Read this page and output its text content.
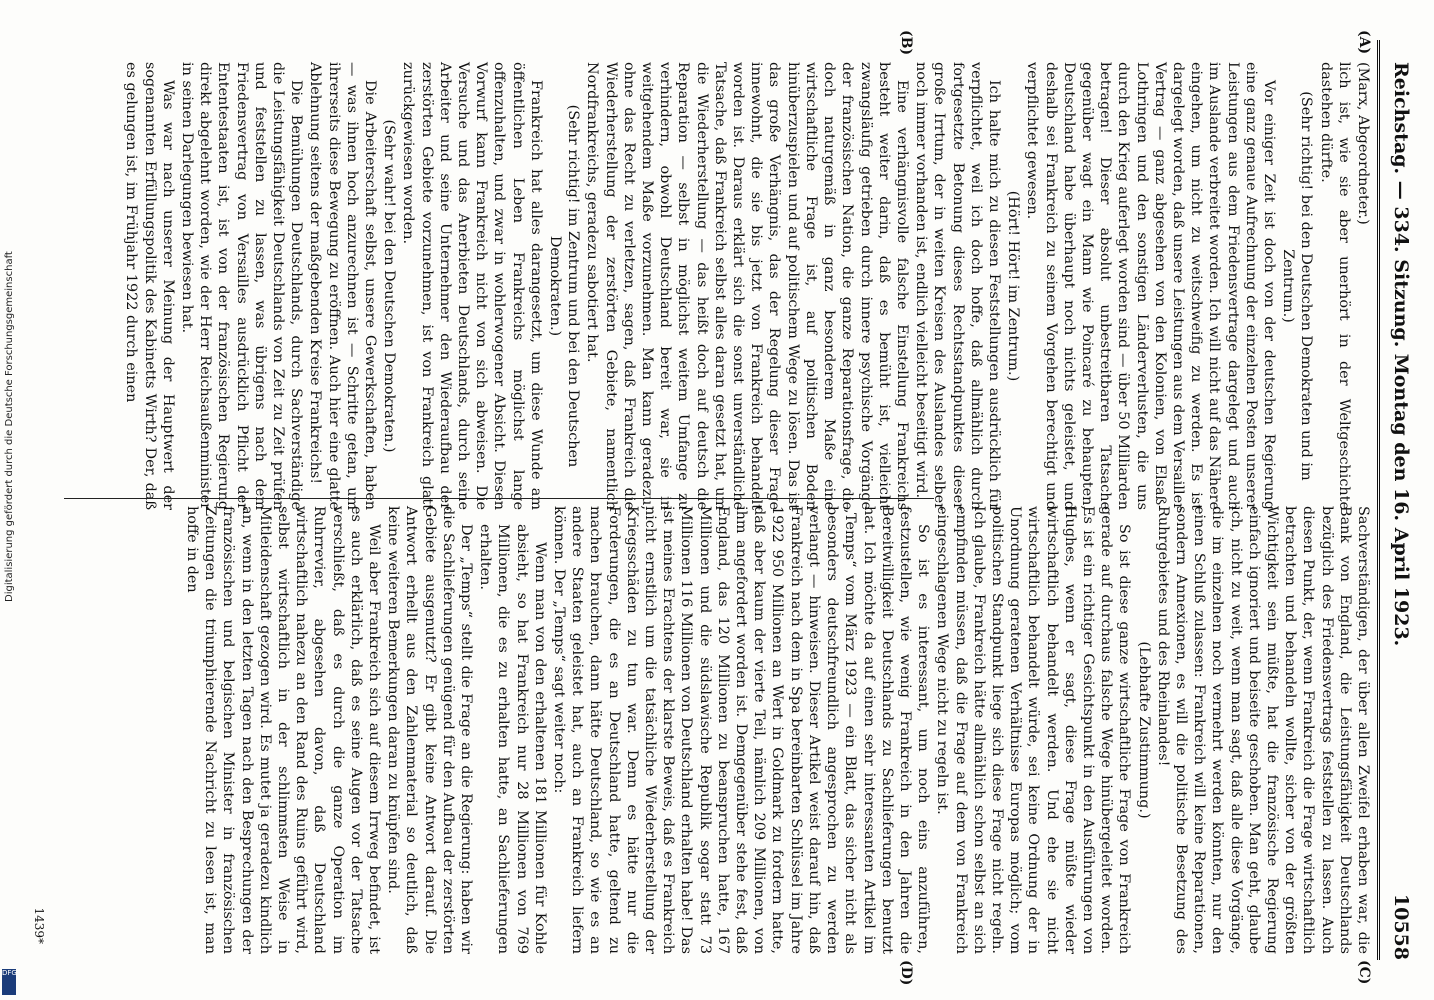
Reichstag. — 334. Sitzung.
Montag den 16. April 1923.
10558
(A)
(B)
(C)
(D)

(Marx, Abgeordneter.)

lich ist, wie sie aber unerhört in der Weltgeschichte dastehen dürfte.

(Sehr richtig! bei den Deutschen Demokraten und im Zentrum.)

Vor einiger Zeit ist doch von der deutschen Regierung eine ganz genaue Aufrechnung der einzelnen Posten unserer Leistungen aus dem Friedensvertrage dargelegt und auch im Auslande verbreitet worden. Ich will nicht auf das Nähere eingehen, um nicht zu weitschweifig zu werden. Es ist dargelegt worden, daß unsere Leistungen aus dem Versailler Vertrag — ganz abgesehen von den Kolonien, von Elsaß-Lothringen und den sonstigen Länderverlusten, die uns durch den Krieg auferlegt worden sind — über 50 Milliarden betragen! Dieser absolut unbestreitbaren Tatsache gegenüber wagt ein Mann wie Poincaré zu behaupten, Deutschland habe überhaupt noch nichts geleistet, und deshalb sei Frankreich zu seinem Vorgehen berechtigt und verpflichtet gewesen.

(Hört! Hört! im Zentrum.)

Ich halte mich zu diesen Feststellungen ausdrücklich für verpflichtet, weil ich doch hoffe, daß allmählich durch fortgesetzte Betonung dieses Rechtsstandpunktes dieser große Irrtum, der in weiten Kreisen des Auslandes selber noch immer vorhanden ist, endlich vielleicht beseitigt wird.

Eine verhängnisvolle falsche Einstellung Frankreichs besteht weiter darin, daß es bemüht ist, vielleicht zwangsläufig getrieben durch innere psychische Vorgänge der französischen Nation, die ganze Reparationsfrage, die doch naturgemäß in ganz besonderem Maße eine wirtschaftliche Frage ist, auf politischen Boden hinüberzuspielen und auf politischem Wege zu lösen. Das ist das große Verhängnis, das der Regelung dieser Frage innewohnt, die sie bis jetzt von Frankreich behandelt worden ist. Daraus erklärt sich die sonst unverständliche Tatsache, daß Frankreich selbst alles daran gesetzt hat, um die Wiederherstellung — das heißt doch auf deutsch die Reparation — selbst in möglichst weitem Umfange zu verhindern, obwohl Deutschland bereit war, sie in weitgehendem Maße vorzunehmen. Man kann geradezu, ohne das Recht zu verletzen, sagen, daß Frankreich die Wiederherstellung der zerstörten Gebiete, namentlich Nordfrankreichs, geradezu sabotiert hat.

(Sehr richtig! im Zentrum und bei den Deutschen Demokraten.)

Frankreich hat alles darangesetzt, um diese Wunde am öffentlichen Leben Frankreichs möglichst lange offenzuhalten, und zwar in wohlerwogener Absicht. Diesen Vorwurf kann Frankreich nicht von sich abweisen. Die Versuche und das Anerbieten Deutschlands, durch seine Arbeiter und seine Unternehmer den Wiederaufbau der zerstörten Gebiete vorzunehmen, ist von Frankreich glatt zurückgewiesen worden.

(Sehr wahr! bei den Deutschen Demokraten.)

Die Arbeiterschaft selbst, unsere Gewerkschaften, haben — was ihnen hoch anzurechnen ist — Schritte getan, um ihrerseits diese Bewegung zu eröffnen. Auch hier eine glatte Ablehnung seitens der maßgebenden Kreise Frankreichs!

Die Bemühungen Deutschlands, durch Sachverständige die Leistungsfähigkeit Deutschlands von Zeit zu Zeit prüfen und feststellen zu lassen, was übrigens nach dem Friedensvertrag von Versailles ausdrücklich Pflicht der Ententestaaten ist, ist von der französischen Regierung direkt abgelehnt worden, wie der Herr Reichsaußenminister in seinen Darlegungen bewiesen hat.

Was war nach unserer Meinung der Hauptwert der sogenannten Erfüllungspolitik des Kabinetts Wirth? Der, daß es gelungen ist, im Frühjahr 1922 durch einen

Sachverständigen, der über allen Zweifel erhaben war, die Bank von England, die Leistungsfähigkeit Deutschlands bezüglich des Friedensvertrags feststellen zu lassen. Auch diesen Punkt, der, wenn Frankreich die Frage wirtschaftlich betrachten und behandeln wollte, sicher von der größten Wichtigkeit sein müßte, hat die französische Regierung einfach ignoriert und beiseite geschoben. Man geht, glaube ich, nicht zu weit, wenn man sagt, daß alle diese Vorgänge, die im einzelnen noch vermehrt werden könnten, nur den einen Schluß zulassen: Frankreich will keine Reparationen, sondern Annexionen, es will die politische Besetzung des Ruhrgebietes und des Rheinlandes!

(Lebhafte Zustimmung.)

So ist diese ganze wirtschaftliche Frage von Frankreich gerade auf durchaus falsche Wege hinübergeleitet worden. Es ist ein richtiger Gesichtspunkt in den Ausführungen von Hughes, wenn er sagt, diese Frage müßte wieder wirtschaftlich behandelt werden. Und ehe sie nicht wirtschaftlich behandelt würde, sei keine Ordnung der in Unordnung geratenen Verhältnisse Europas möglich; vom politischen Standpunkt liege sich diese Frage nicht regeln. Ich glaube, Frankreich hätte allmählich schon selbst an sich empfinden müssen, daß die Frage auf dem von Frankreich eingeschlagenen Wege nicht zu regeln ist.

So ist es interessant, um noch eins anzuführen, festzustellen, wie wenig Frankreich in den Jahren die Bereitwilligkeit Deutschlands zu Sachlieferungen benutzt hat. Ich möchte da auf einen sehr interessanten Artikel im „Temps“ vom März 1923 — ein Blatt, das sicher nicht als besonders deutschfreundlich angesprochen zu werden verlangt — hinweisen. Dieser Artikel weist darauf hin, daß Frankreich nach dem in Spa bereinbarten Schlüssel im Jahre 1922 950 Millionen an Wert in Goldmark zu fordern hatte, daß aber kaum der vierte Teil, nämlich 209 Millionen, von ihm angefordert worden ist. Demgegenüber stehe fest, daß England, das 120 Millionen zu beanspruchen hatte, 167 Millionen und die südslawische Republik sogar statt 73 Millionen 116 Millionen von Deutschland erhalten habe! Das ist meines Erachtens der klarste Beweis, daß es Frankreich nicht ernstlich um die tatsächliche Wiederherstellung der Kriegsschäden zu tun war. Denn es hätte nur die Forderungen, die es an Deutschland hatte, geltend zu machen brauchen, dann hätte Deutschland, so wie es an andere Staaten geleistet hat, auch an Frankreich liefern können. Der „Temps“ sagt weiter noch:

Wenn man von den erhaltenen 181 Millionen für Kohle absieht, so hat Frankreich nur 28 Millionen von 769 Millionen, die es zu erhalten hatte, an Sachlieferungen erhalten.

Der „Temps“ stellt die Frage an die Regierung: haben wir die Sachlieferungen genügend für den Aufbau der zerstörten Gebiete ausgenutzt? Er gibt keine Antwort darauf. Die Antwort erhellt aus den Zahlenmaterial so deutlich, daß keine weiteren Bemerkungen daran zu knüpfen sind.

Weil aber Frankreich sich auf diesem Irrweg befindet, ist es auch erklärlich, daß es seine Augen vor der Tatsache verschließt, daß es durch die ganze Operation im Ruhrrevier, abgesehen davon, daß Deutschland wirtschaftlich nahezu an den Rand des Ruins geführt wird, selbst wirtschaftlich in der schlimmsten Weise in Mitleidenschaft gezogen wird. Es mutet ja geradezu kindlich an, wenn in den letzten Tagen nach den Besprechungen der französischen und belgischen Minister in französischen Zeitungen die triumphierende Nachricht zu lesen ist, man hoffe in den

1439*
Digitalisierung gefördert durch die Deutsche Forschungsgemeinschaft
DFG
